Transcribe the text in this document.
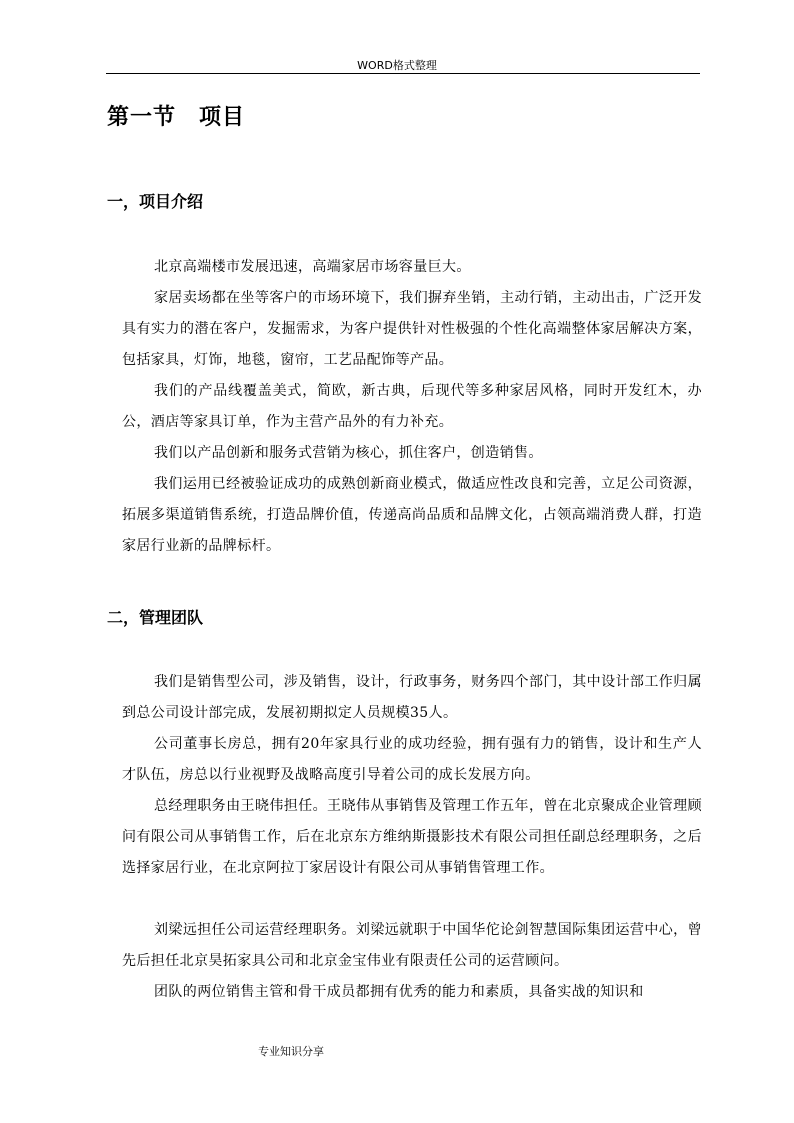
WORD格式整理
第一节　项目
一，项目介绍

北京高端楼市发展迅速，高端家居市场容量巨大。

家居卖场都在坐等客户的市场环境下，我们摒弃坐销，主动行销，主动出击，广泛开发具有实力的潜在客户，发掘需求，为客户提供针对性极强的个性化高端整体家居解决方案，包括家具，灯饰，地毯，窗帘，工艺品配饰等产品。

我们的产品线覆盖美式，简欧，新古典，后现代等多种家居风格，同时开发红木，办公，酒店等家具订单，作为主营产品外的有力补充。

我们以产品创新和服务式营销为核心，抓住客户，创造销售。

我们运用已经被验证成功的成熟创新商业模式，做适应性改良和完善，立足公司资源，拓展多渠道销售系统，打造品牌价值，传递高尚品质和品牌文化，占领高端消费人群，打造家居行业新的品牌标杆。

二，管理团队

我们是销售型公司，涉及销售，设计，行政事务，财务四个部门，其中设计部工作归属到总公司设计部完成，发展初期拟定人员规模35人。

公司董事长房总，拥有20年家具行业的成功经验，拥有强有力的销售，设计和生产人才队伍，房总以行业视野及战略高度引导着公司的成长发展方向。

总经理职务由王晓伟担任。王晓伟从事销售及管理工作五年，曾在北京聚成企业管理顾问有限公司从事销售工作，后在北京东方维纳斯摄影技术有限公司担任副总经理职务，之后选择家居行业，在北京阿拉丁家居设计有限公司从事销售管理工作。

刘梁远担任公司运营经理职务。刘梁远就职于中国华佗论剑智慧国际集团运营中心，曾先后担任北京昊拓家具公司和北京金宝伟业有限责任公司的运营顾问。

团队的两位销售主管和骨干成员都拥有优秀的能力和素质，具备实战的知识和

专业知识分享
